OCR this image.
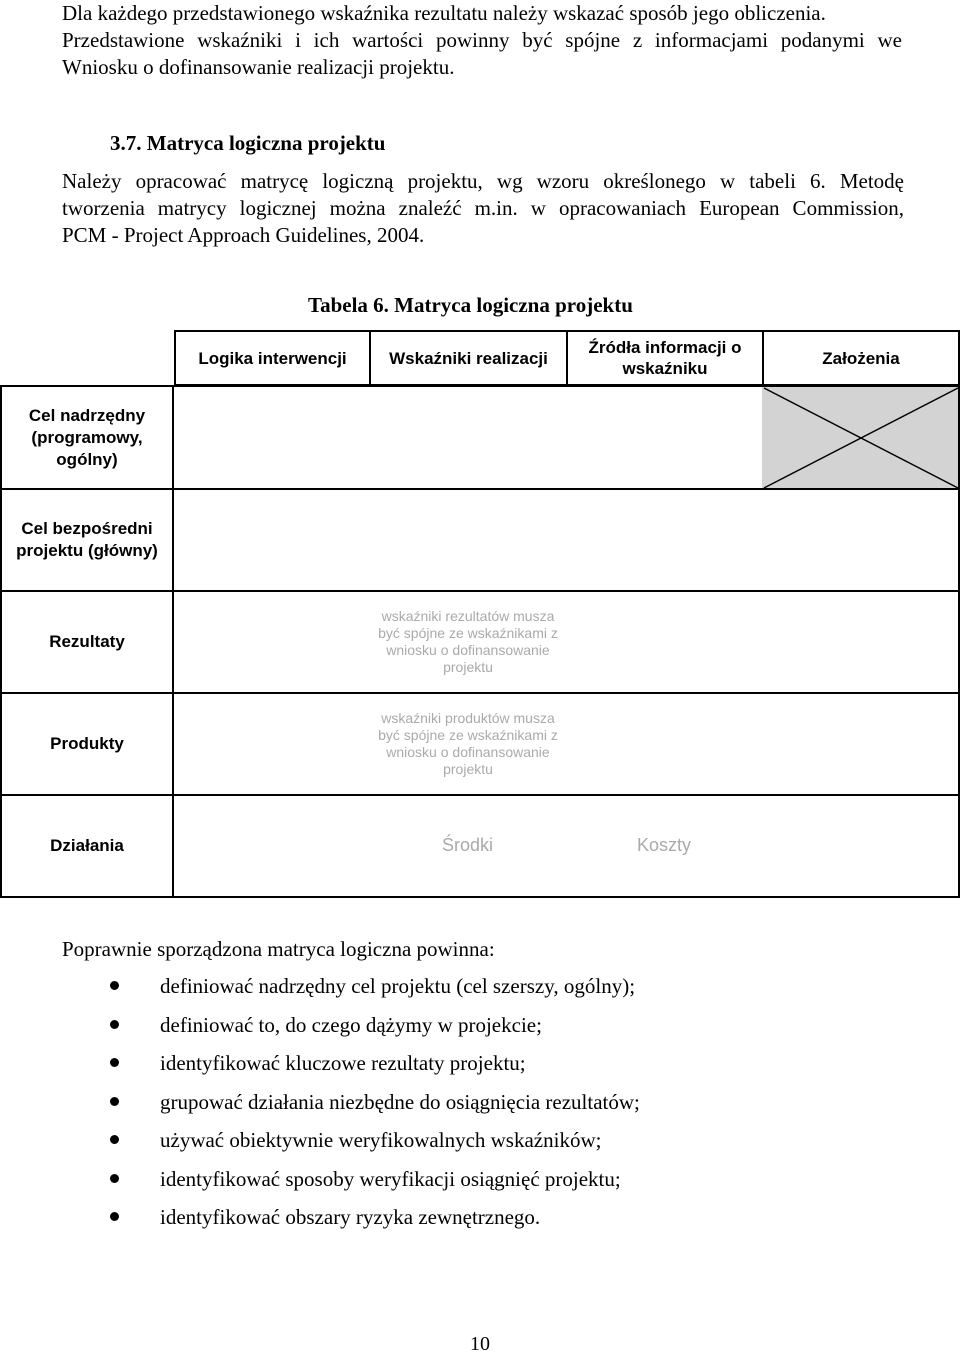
Dla każdego przedstawionego wskaźnika rezultatu należy wskazać sposób jego obliczenia.

Przedstawione wskaźniki i ich wartości powinny być spójne z informacjami podanymi we

Wniosku o dofinansowanie realizacji projektu.

3.7. Matryca logiczna projektu
Należy opracować matrycę logiczną projektu, wg wzoru określonego w tabeli 6. Metodę
tworzenia matrycy logicznej można znaleźć m.in. w opracowaniach European Commission,
PCM - Project Approach Guidelines, 2004.
Tabela 6. Matryca logiczna projektu
Logika interwencji Wskaźniki realizacji
Źródła informacji o wskaźniku
Założenia
Cel nadrzędny (programowy, ogólny)
Cel bezpośredni projektu (główny)
Rezultaty
Produkty
Działania
wskaźniki rezultatów musza być spójne ze wskaźnikami z wniosku o dofinansowanie projektu
wskaźniki produktów musza być spójne ze wskaźnikami z wniosku o dofinansowanie projektu
Środki	Koszty
Poprawnie sporządzona matryca logiczna powinna:
definiować nadrzędny cel projektu (cel szerszy, ogólny);
definiować to, do czego dążymy w projekcie;
identyfikować kluczowe rezultaty projektu;
grupować działania niezbędne do osiągnięcia rezultatów;
używać obiektywnie weryfikowalnych wskaźników;
identyfikować sposoby weryfikacji osiągnięć projektu;
identyfikować obszary ryzyka zewnętrznego.
10
